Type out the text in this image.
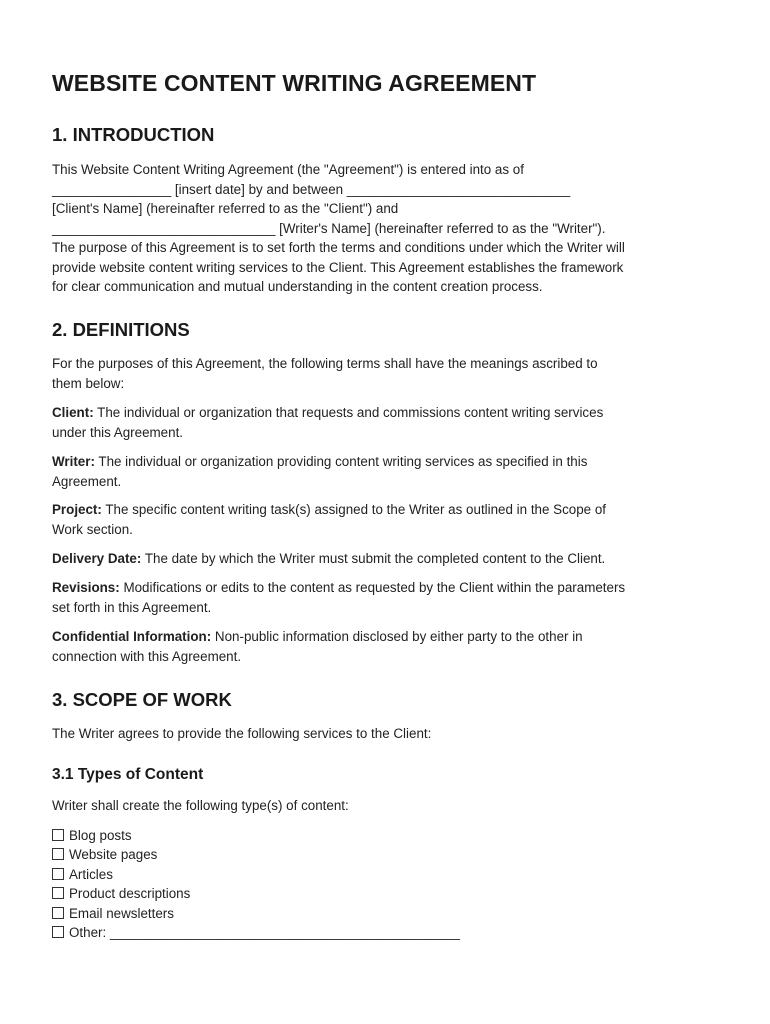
WEBSITE CONTENT WRITING AGREEMENT
1. INTRODUCTION

This Website Content Writing Agreement (the "Agreement") is entered into as of
________________ [insert date] by and between ______________________________
[Client's Name] (hereinafter referred to as the "Client") and
______________________________ [Writer's Name] (hereinafter referred to as the "Writer").
The purpose of this Agreement is to set forth the terms and conditions under which the Writer will
provide website content writing services to the Client. This Agreement establishes the framework
for clear communication and mutual understanding in the content creation process.

2. DEFINITIONS

For the purposes of this Agreement, the following terms shall have the meanings ascribed to
them below:

Client: The individual or organization that requests and commissions content writing services
under this Agreement.

Writer: The individual or organization providing content writing services as specified in this
Agreement.

Project: The specific content writing task(s) assigned to the Writer as outlined in the Scope of
Work section.

Delivery Date: The date by which the Writer must submit the completed content to the Client.

Revisions: Modifications or edits to the content as requested by the Client within the parameters
set forth in this Agreement.

Confidential Information: Non-public information disclosed by either party to the other in
connection with this Agreement.

3. SCOPE OF WORK

The Writer agrees to provide the following services to the Client:

3.1 Types of Content

Writer shall create the following type(s) of content:

Blog posts
Website pages
Articles
Product descriptions
Email newsletters
Other: _______________________________________________
